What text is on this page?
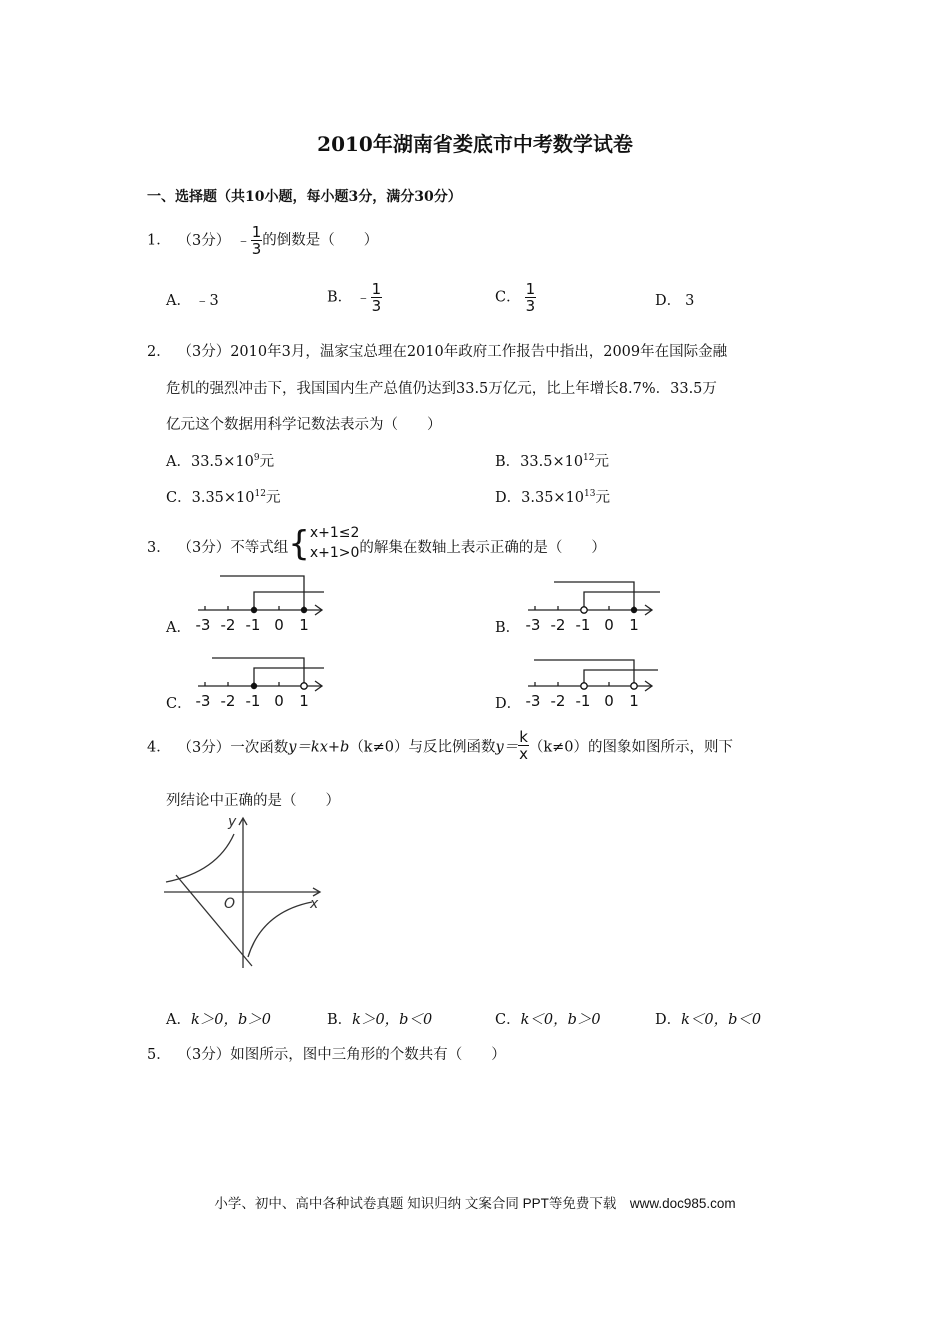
2010年湖南省娄底市中考数学试卷
一、选择题（共10小题，每小题3分，满分30分）
1． （3分） ﹣ $\frac{1}{3}$ 的倒数是（　　）
A． ﹣3	B． ﹣ $\frac{1}{3}$	C． $\frac{1}{3}$	D． 3
2． （3分）2010年3月，温家宝总理在2010年政府工作报告中指出，2009年在国际金融
危机的强烈冲击下，我国国内生产总值仍达到33.5万亿元，比上年增长8.7%．33.5万
亿元这个数据用科学记数法表示为（　　）
A．$33.5\times 10^9$元	B．$33.5\times 10^{12}$元
C．$3.35\times 10^{12}$元	D．$3.35\times 10^{13}$元
3． （3分）不等式组{ x+1≤2
x+1>0 的解集在数轴上表示正确的是（　　）
A．	B．
C．	D．
-3 -2 -1 0 1	-3 -2 -1 0 1
-3 -2 -1 0 1	-3 -2 -1 0 1
4． （3分）一次函数y＝kx+b（k≠0）与反比例函数$y= \frac{k}{x} (k\ne 0)$的图象如图所示，则下
列结论中正确的是（　　）
y
x
O
A．k＞0，b＞0	B．k＞0，b＜0	C．k＜0，b＞0	D．k＜0，b＜0
5． （3分）如图所示，图中三角形的个数共有（　　）
小学、初中、高中各种试卷真题 知识归纳 文案合同 PPT等免费下载　www.doc985.com
